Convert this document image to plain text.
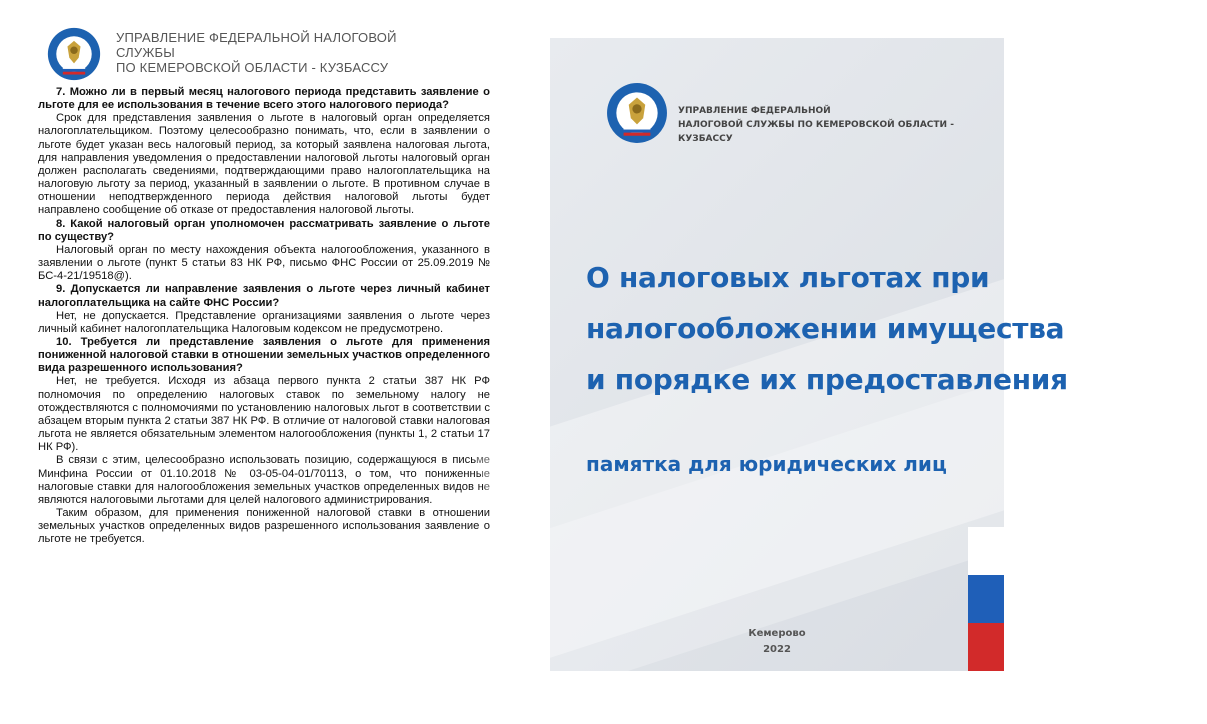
УПРАВЛЕНИЕ ФЕДЕРАЛЬНОЙ НАЛОГОВОЙ
СЛУЖБЫ
ПО КЕМЕРОВСКОЙ ОБЛАСТИ - КУЗБАССУ

7. Можно ли в первый месяц налогового периода представить заявление о льготе для ее использования в течение всего этого налогового периода?

Срок для представления заявления о льготе в налоговый орган определяется налогоплательщиком. Поэтому целесообразно понимать, что, если в заявлении о льготе будет указан весь налоговый период, за который заявлена налоговая льгота, для направления уведомления о предоставлении налоговой льготы налоговый орган должен располагать сведениями, подтверждающими право налогоплательщика на налоговую льготу за период, указанный в заявлении о льготе. В противном случае в отношении неподтвержденного периода действия налоговой льготы будет направлено сообщение об отказе от предоставления налоговой льготы.

8. Какой налоговый орган уполномочен рассматривать заявление о льготе по существу?

Налоговый орган по месту нахождения объекта налогообложения, указанного в заявлении о льготе (пункт 5 статьи 83 НК РФ, письмо ФНС России от 25.09.2019 № БС-4-21/19518@).

9. Допускается ли направление заявления о льготе через личный кабинет налогоплательщика на сайте ФНС России?

Нет, не допускается. Представление организациями заявления о льготе через личный кабинет налогоплательщика Налоговым кодексом не предусмотрено.

10. Требуется ли представление заявления о льготе для применения пониженной налоговой ставки в отношении земельных участков определенного вида разрешенного использования?

Нет, не требуется. Исходя из абзаца первого пункта 2 статьи 387 НК РФ полномочия по определению налоговых ставок по земельному налогу не отождествляются с полномочиями по установлению налоговых льгот в соответствии с абзацем вторым пункта 2 статьи 387 НК РФ. В отличие от налоговой ставки налоговая льгота не является обязательным элементом налогообложения (пункты 1, 2 статьи 17 НК РФ).

В связи с этим, целесообразно использовать позицию, содержащуюся в письме Минфина России от 01.10.2018 № 03-05-04-01/70113, о том, что пониженные налоговые ставки для налогообложения земельных участков определенных видов не являются налоговыми льготами для целей налогового администрирования.

Таким образом, для применения пониженной налоговой ставки в отношении земельных участков определенных видов разрешенного использования заявление о льготе не требуется.

УПРАВЛЕНИЕ ФЕДЕРАЛЬНОЙ
НАЛОГОВОЙ СЛУЖБЫ ПО КЕМЕРОВСКОЙ ОБЛАСТИ - КУЗБАССУ
О налоговых льготах при
налогообложении имущества
и порядке их предоставления
памятка для юридических лиц
Кемерово
2022
